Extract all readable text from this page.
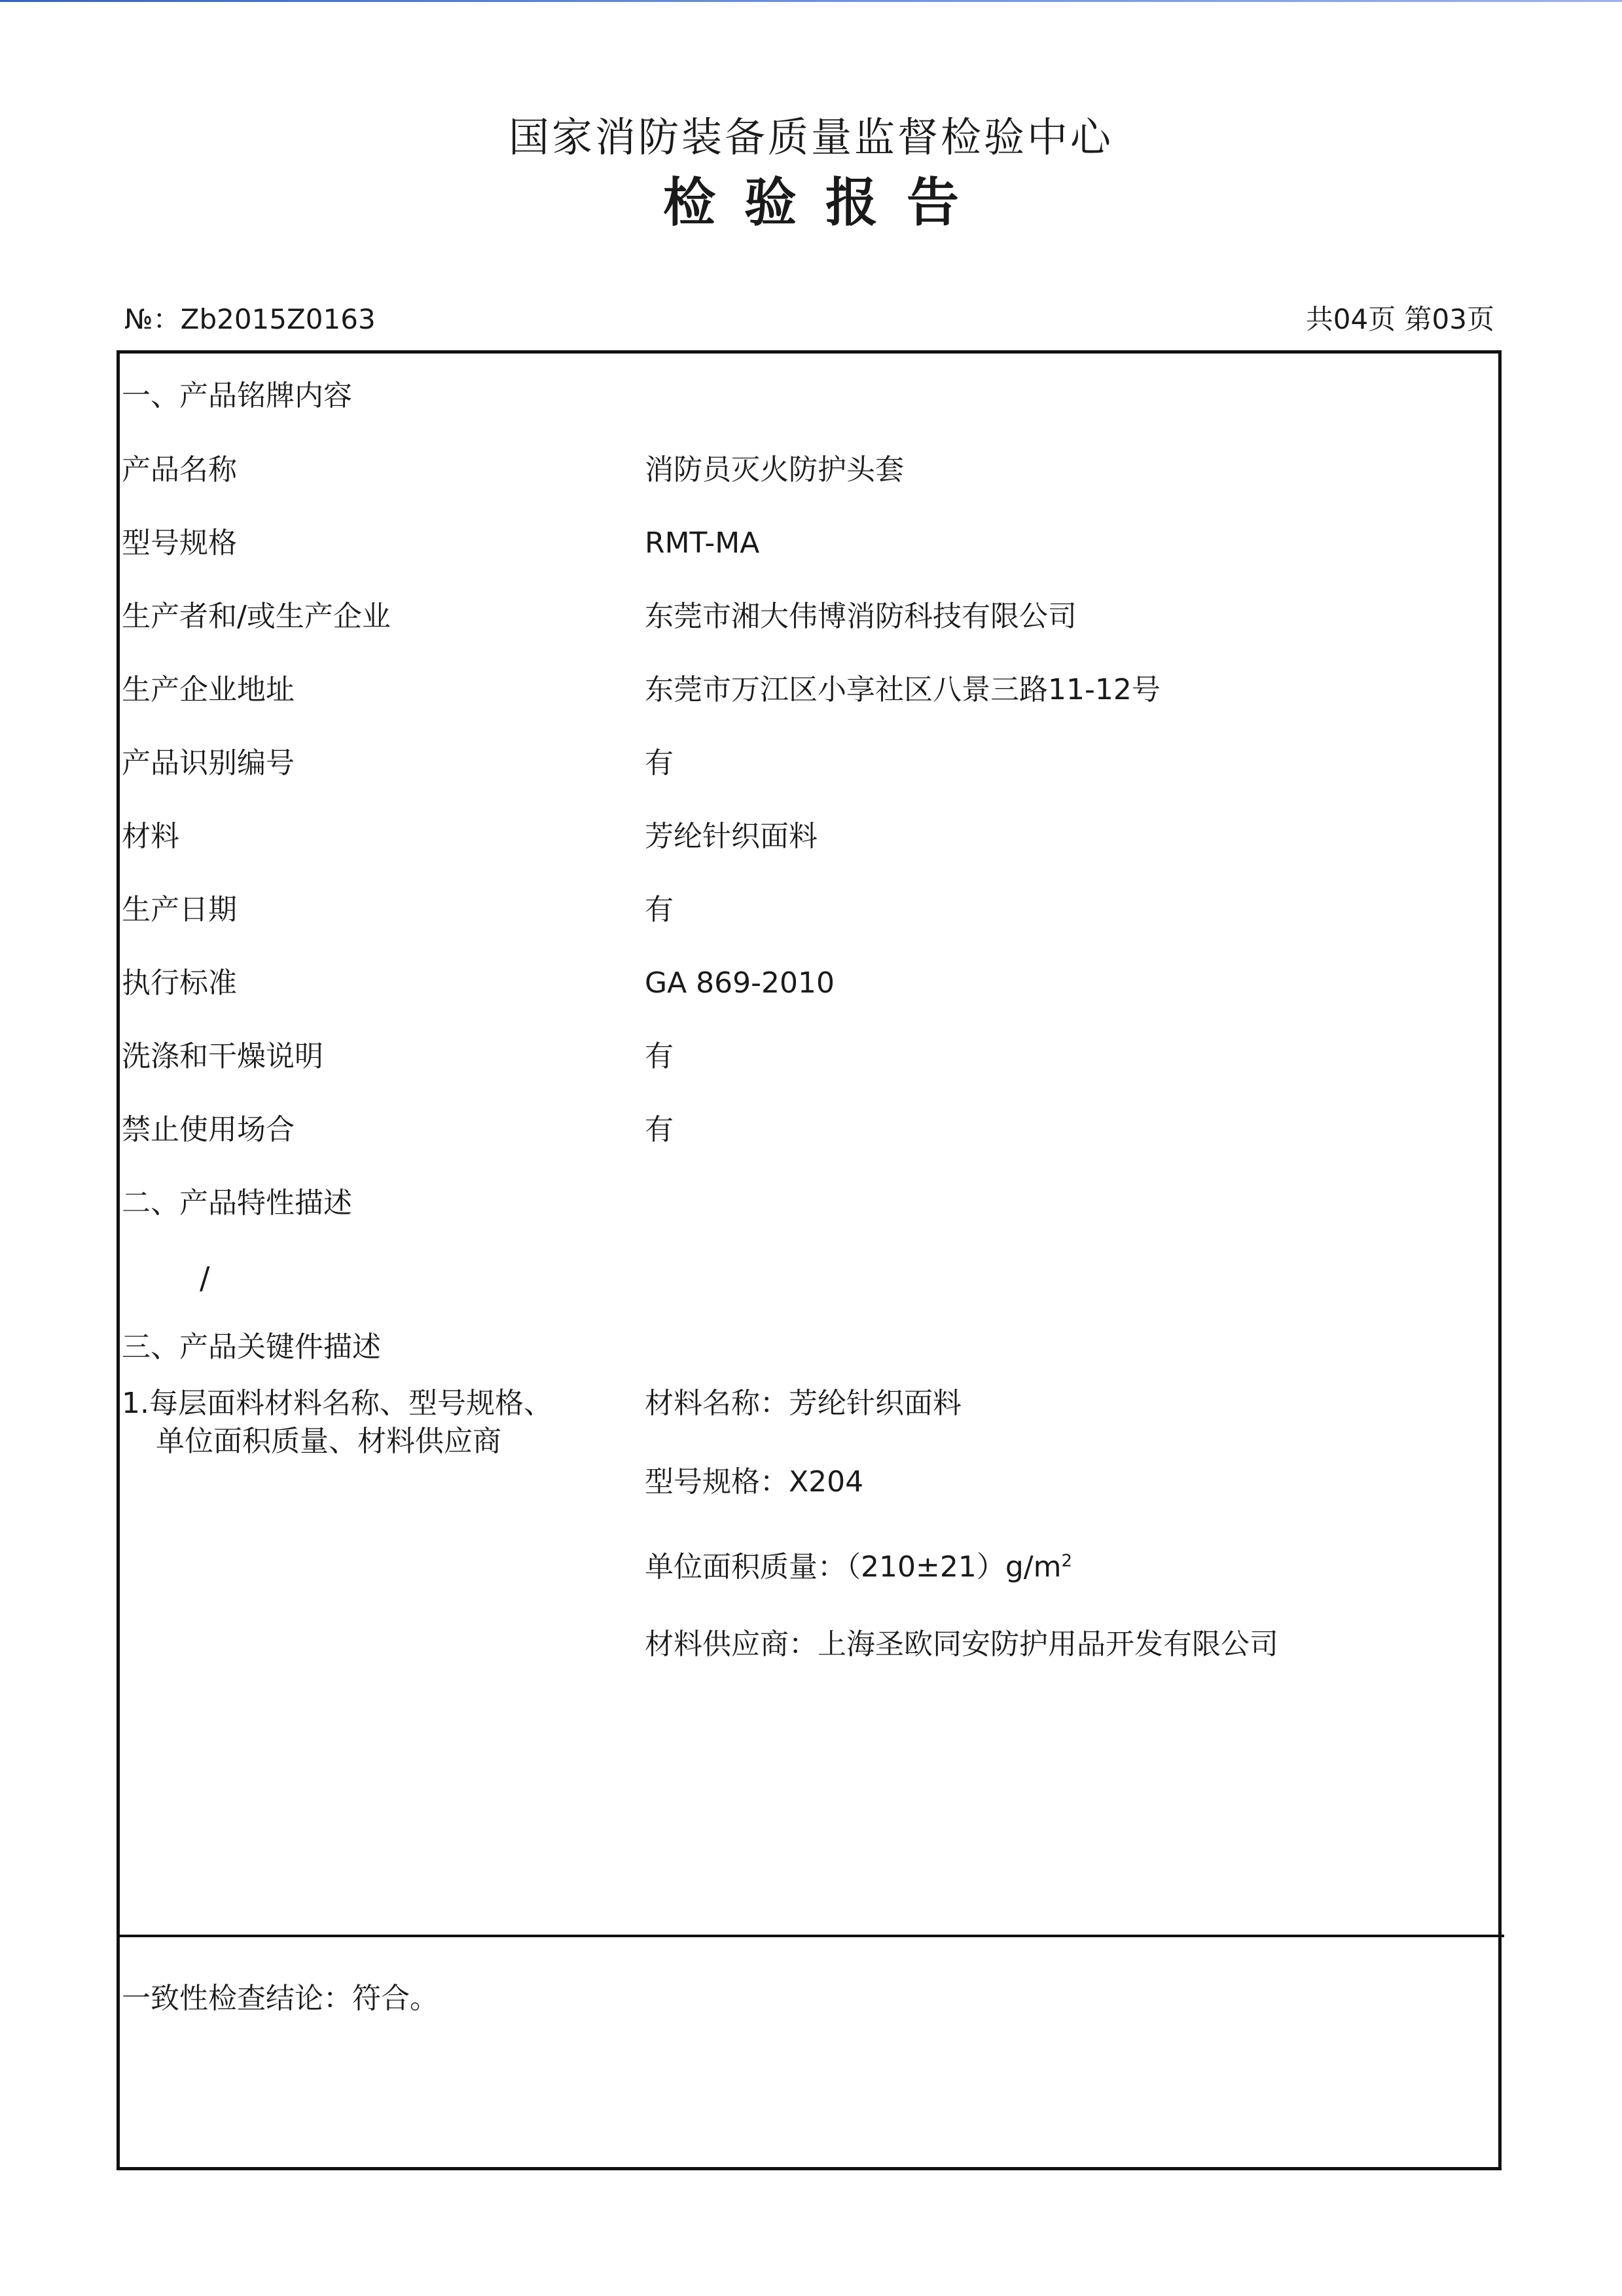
国家消防装备质量监督检验中心
检验报告
№：Zb2015Z0163	共04页 第03页
一、产品铭牌内容
产品名称	消防员灭火防护头套
型号规格	RMT-MA
生产者和/或生产企业	东莞市湘大伟博消防科技有限公司
生产企业地址	东莞市万江区小享社区八景三路11-12号
产品识别编号	有
材料	芳纶针织面料
生产日期	有
执行标准	GA 869-2010
洗涤和干燥说明	有
禁止使用场合	有
二、产品特性描述
/
三、产品关键件描述
1.每层面料材料名称、型号规格、
单位面积质量、材料供应商
材料名称：芳纶针织面料
型号规格：X204
单位面积质量：$(210\pm 21)g/m^2$
材料供应商：上海圣欧同安防护用品开发有限公司
一致性检查结论：符合。
